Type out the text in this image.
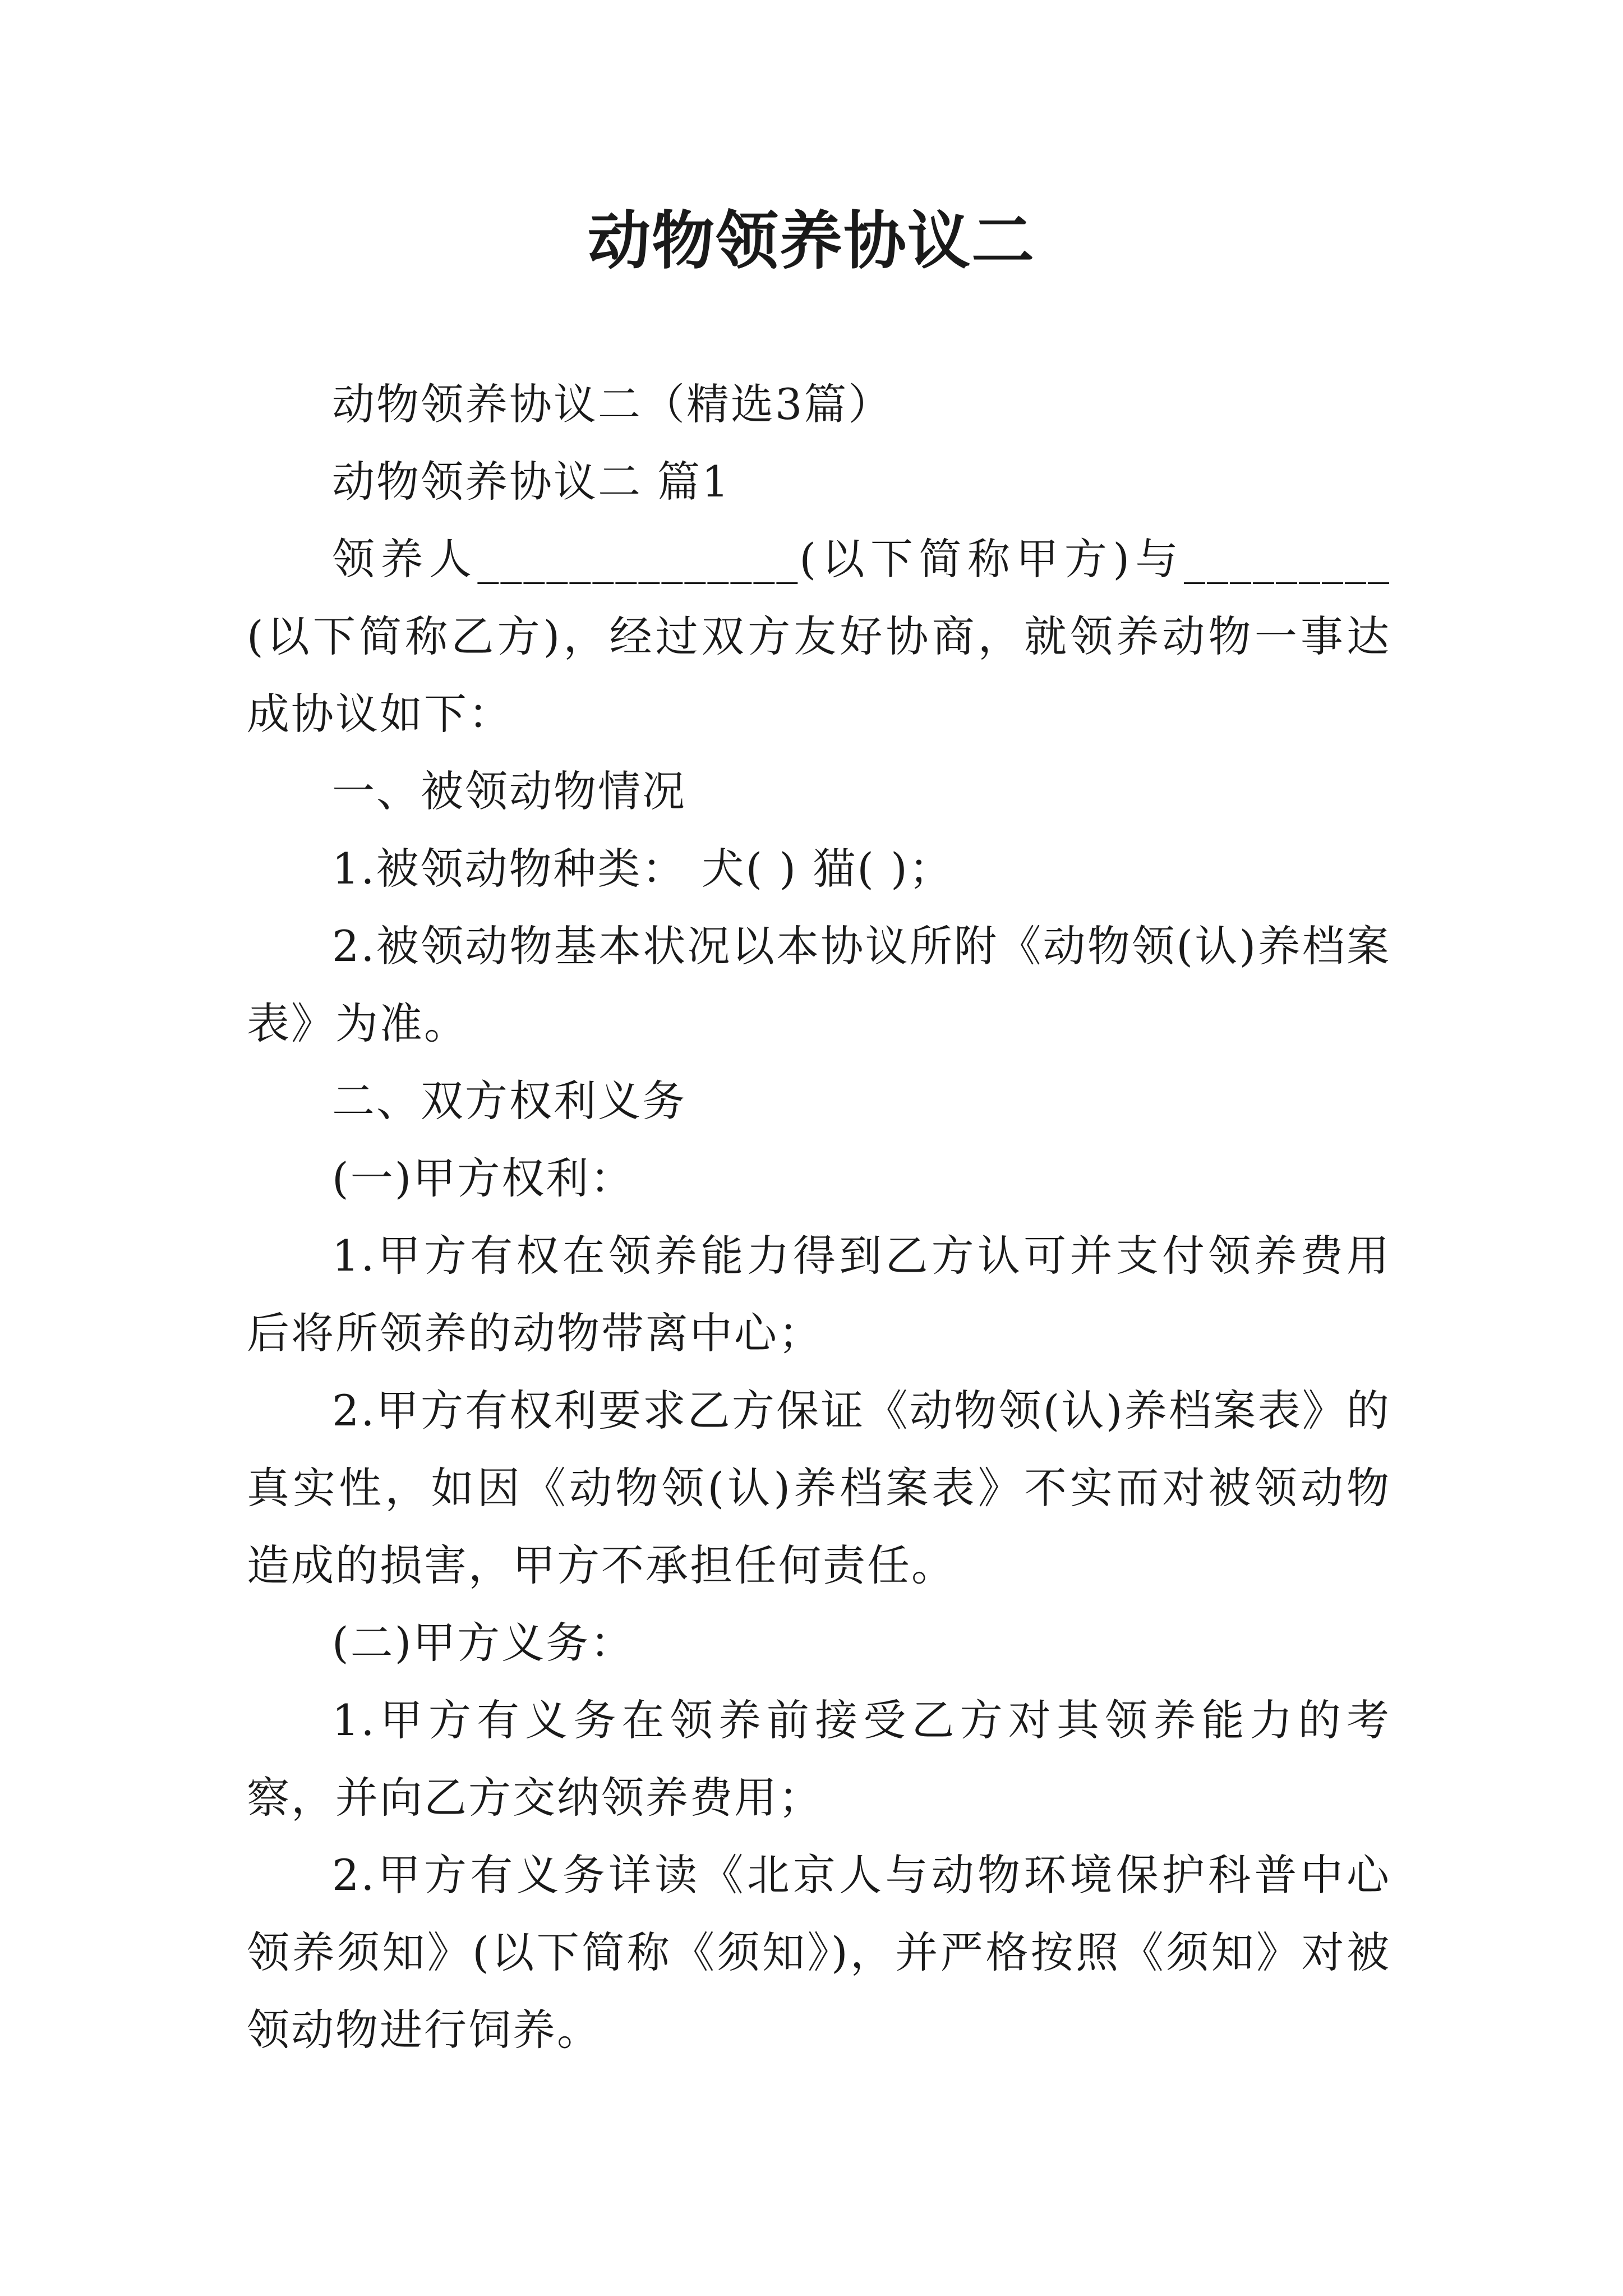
动物领养协议二

动物领养协议二（精选3篇）

动物领养协议二 篇1

领养人______________(以下简称甲方)与_________(以下简称乙方)，经过双方友好协商，就领养动物一事达成协议如下：

一、被领动物情况

1.被领动物种类： 犬( ) 猫( )；

2.被领动物基本状况以本协议所附《动物领(认)养档案表》为准。

二、双方权利义务

(一)甲方权利：

1.甲方有权在领养能力得到乙方认可并支付领养费用后将所领养的动物带离中心；

2.甲方有权利要求乙方保证《动物领(认)养档案表》的真实性，如因《动物领(认)养档案表》不实而对被领动物造成的损害，甲方不承担任何责任。

(二)甲方义务：

1.甲方有义务在领养前接受乙方对其领养能力的考察，并向乙方交纳领养费用；

2.甲方有义务详读《北京人与动物环境保护科普中心领养须知》(以下简称《须知》)，并严格按照《须知》对被领动物进行饲养。
